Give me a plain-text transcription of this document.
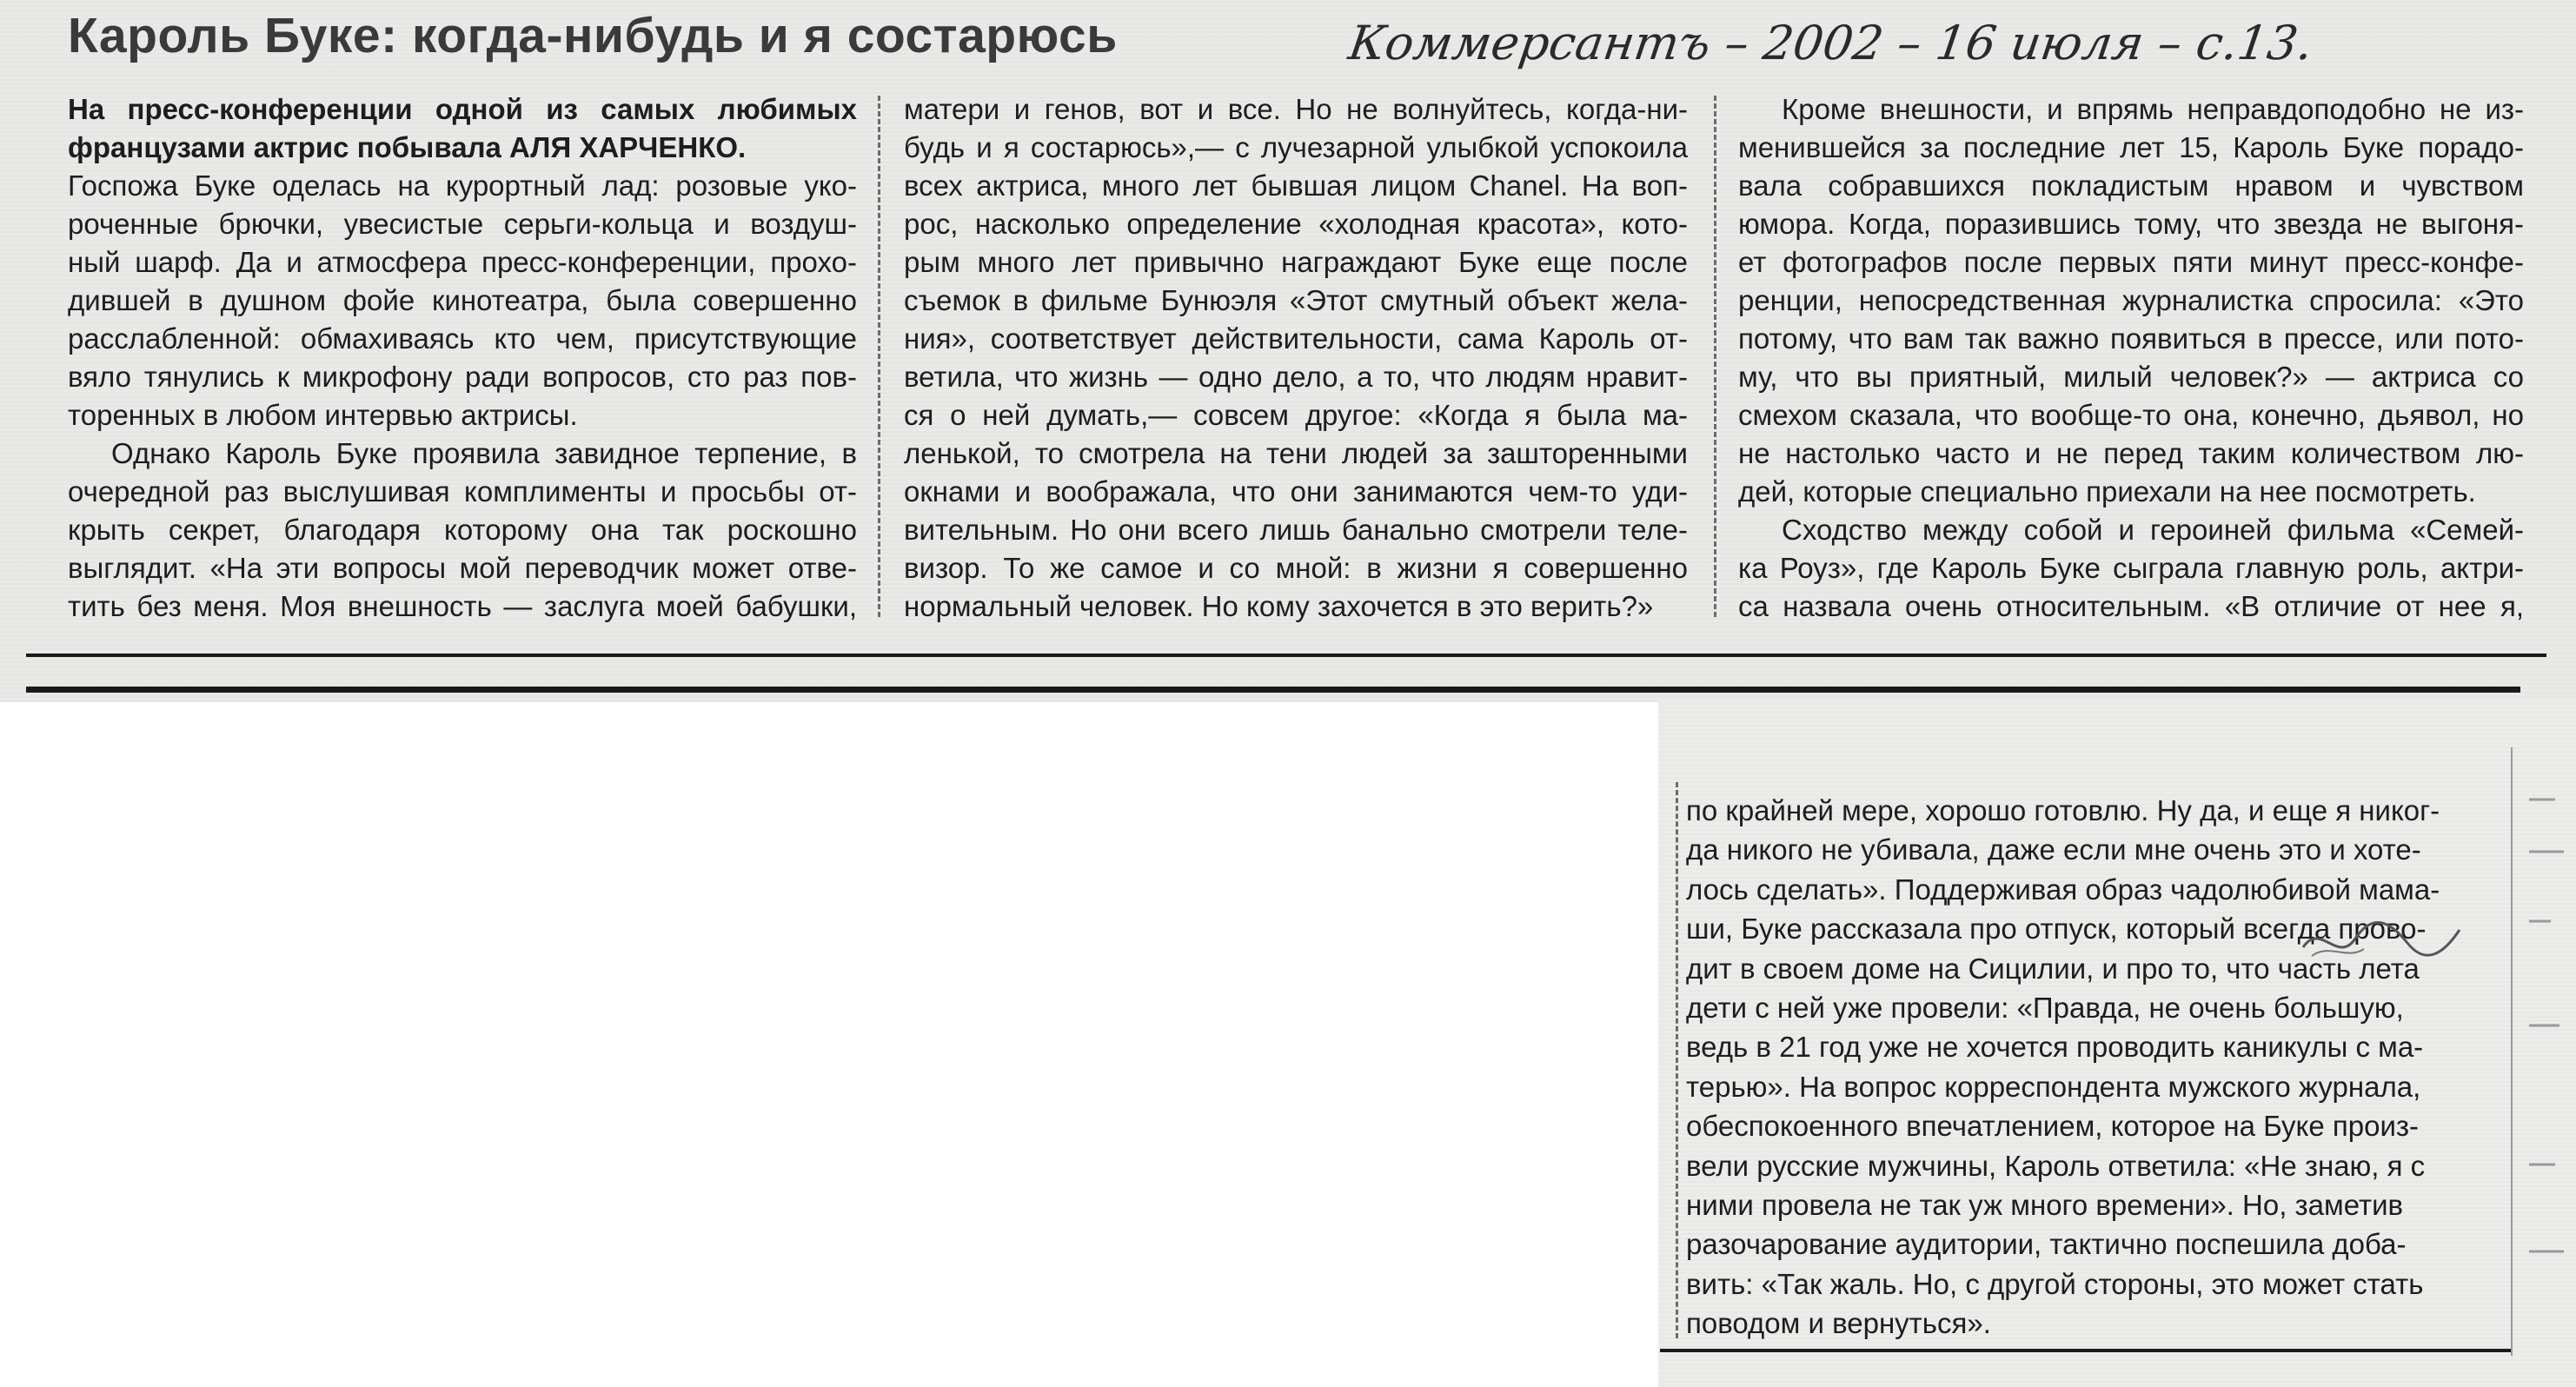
Кароль Буке: когда-нибудь и я состарюсь	Коммерсантъ – 2002 – 16 июля – с.13.
На пресс-конференции одной из самых любимых
французами актрис побывала АЛЯ ХАРЧЕНКО.
Госпожа Буке оделась на курортный лад: розовые уко-
роченные брючки, увесистые серьги-кольца и воздуш-
ный шарф. Да и атмосфера пресс-конференции, прохо-
дившей в душном фойе кинотеатра, была совершенно
расслабленной: обмахиваясь кто чем, присутствующие
вяло тянулись к микрофону ради вопросов, сто раз пов-
торенных в любом интервью актрисы.
Однако Кароль Буке проявила завидное терпение, в
очередной раз выслушивая комплименты и просьбы от-
крыть секрет, благодаря которому она так роскошно
выглядит. «На эти вопросы мой переводчик может отве-
тить без меня. Моя внешность — заслуга моей бабушки,
матери и генов, вот и все. Но не волнуйтесь, когда-ни-
будь и я состарюсь»,— с лучезарной улыбкой успокоила
всех актриса, много лет бывшая лицом Chanel. На воп-
рос, насколько определение «холодная красота», кото-
рым много лет привычно награждают Буке еще после
съемок в фильме Бунюэля «Этот смутный объект жела-
ния», соответствует действительности, сама Кароль от-
ветила, что жизнь — одно дело, а то, что людям нравит-
ся о ней думать,— совсем другое: «Когда я была ма-
ленькой, то смотрела на тени людей за зашторенными
окнами и воображала, что они занимаются чем-то уди-
вительным. Но они всего лишь банально смотрели теле-
визор. То же самое и со мной: в жизни я совершенно
нормальный человек. Но кому захочется в это верить?»
Кроме внешности, и впрямь неправдоподобно не из-
менившейся за последние лет 15, Кароль Буке порадо-
вала собравшихся покладистым нравом и чувством
юмора. Когда, поразившись тому, что звезда не выгоня-
ет фотографов после первых пяти минут пресс-конфе-
ренции, непосредственная журналистка спросила: «Это
потому, что вам так важно появиться в прессе, или пото-
му, что вы приятный, милый человек?» — актриса со
смехом сказала, что вообще-то она, конечно, дьявол, но
не настолько часто и не перед таким количеством лю-
дей, которые специально приехали на нее посмотреть.
Сходство между собой и героиней фильма «Семей-
ка Роуз», где Кароль Буке сыграла главную роль, актри-
са назвала очень относительным. «В отличие от нее я,
по крайней мере, хорошо готовлю. Ну да, и еще я никог-
да никого не убивала, даже если мне очень это и хоте-
лось сделать». Поддерживая образ чадолюбивой мама-
ши, Буке рассказала про отпуск, который всегда прово-
дит в своем доме на Сицилии, и про то, что часть лета
дети с ней уже провели: «Правда, не очень большую,
ведь в 21 год уже не хочется проводить каникулы с ма-
терью». На вопрос корреспондента мужского журнала,
обеспокоенного впечатлением, которое на Буке произ-
вели русские мужчины, Кароль ответила: «Не знаю, я с
ними провела не так уж много времени». Но, заметив
разочарование аудитории, тактично поспешила доба-
вить: «Так жаль. Но, с другой стороны, это может стать
поводом и вернуться».
